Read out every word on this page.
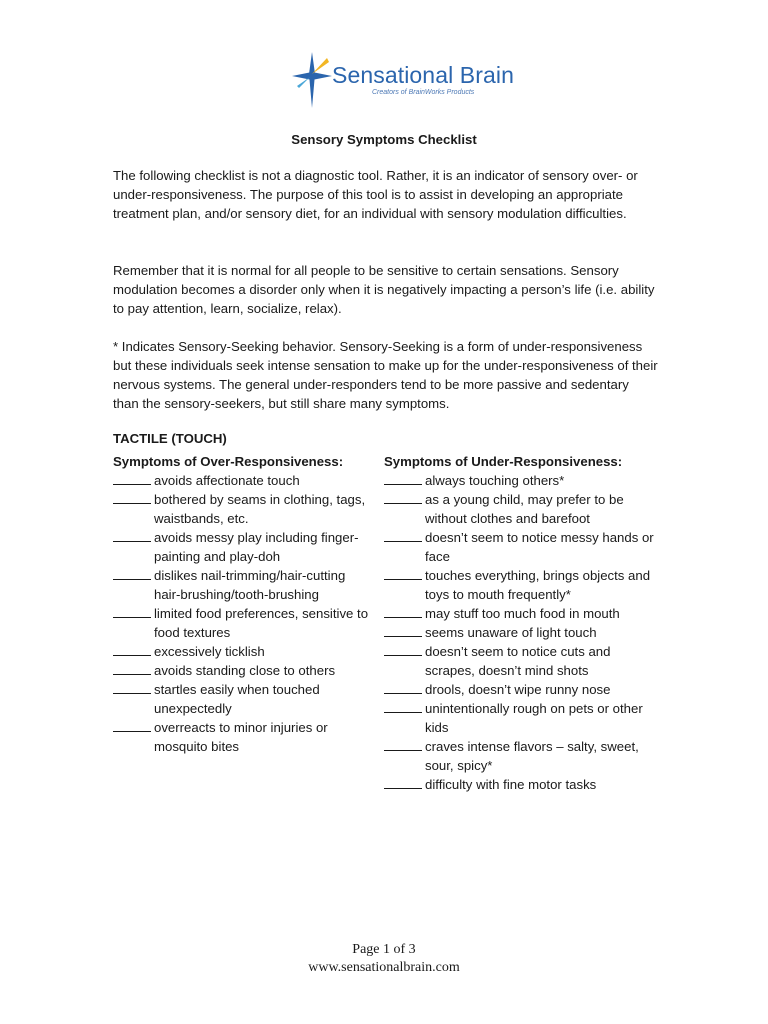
Sensational Brain
Creators of BrainWorks Products
Sensory Symptoms Checklist

The following checklist is not a diagnostic tool. Rather, it is an indicator of sensory over- or under-responsiveness. The purpose of this tool is to assist in developing an appropriate treatment plan, and/or sensory diet, for an individual with sensory modulation difficulties.

Remember that it is normal for all people to be sensitive to certain sensations. Sensory modulation becomes a disorder only when it is negatively impacting a person’s life (i.e. ability to pay attention, learn, socialize, relax).

* Indicates Sensory-Seeking behavior. Sensory-Seeking is a form of under-responsiveness but these individuals seek intense sensation to make up for the under-responsiveness of their nervous systems. The general under-responders tend to be more passive and sedentary than the sensory-seekers, but still share many symptoms.

TACTILE (TOUCH)
Symptoms of Over-Responsiveness:
avoids affectionate touch
bothered by seams in clothing, tags, waistbands, etc.
avoids messy play including finger-painting and play-doh
dislikes nail-trimming/hair-cutting hair-brushing/tooth-brushing
limited food preferences, sensitive to food textures
excessively ticklish
avoids standing close to others
startles easily when touched unexpectedly
overreacts to minor injuries or mosquito bites
Symptoms of Under-Responsiveness:
always touching others*
as a young child, may prefer to be without clothes and barefoot
doesn’t seem to notice messy hands or face
touches everything, brings objects and toys to mouth frequently*
may stuff too much food in mouth
seems unaware of light touch
doesn’t seem to notice cuts and scrapes, doesn’t mind shots
drools, doesn’t wipe runny nose
unintentionally rough on pets or other kids
craves intense flavors – salty, sweet, sour, spicy*
difficulty with fine motor tasks
Page 1 of 3
www.sensationalbrain.com
